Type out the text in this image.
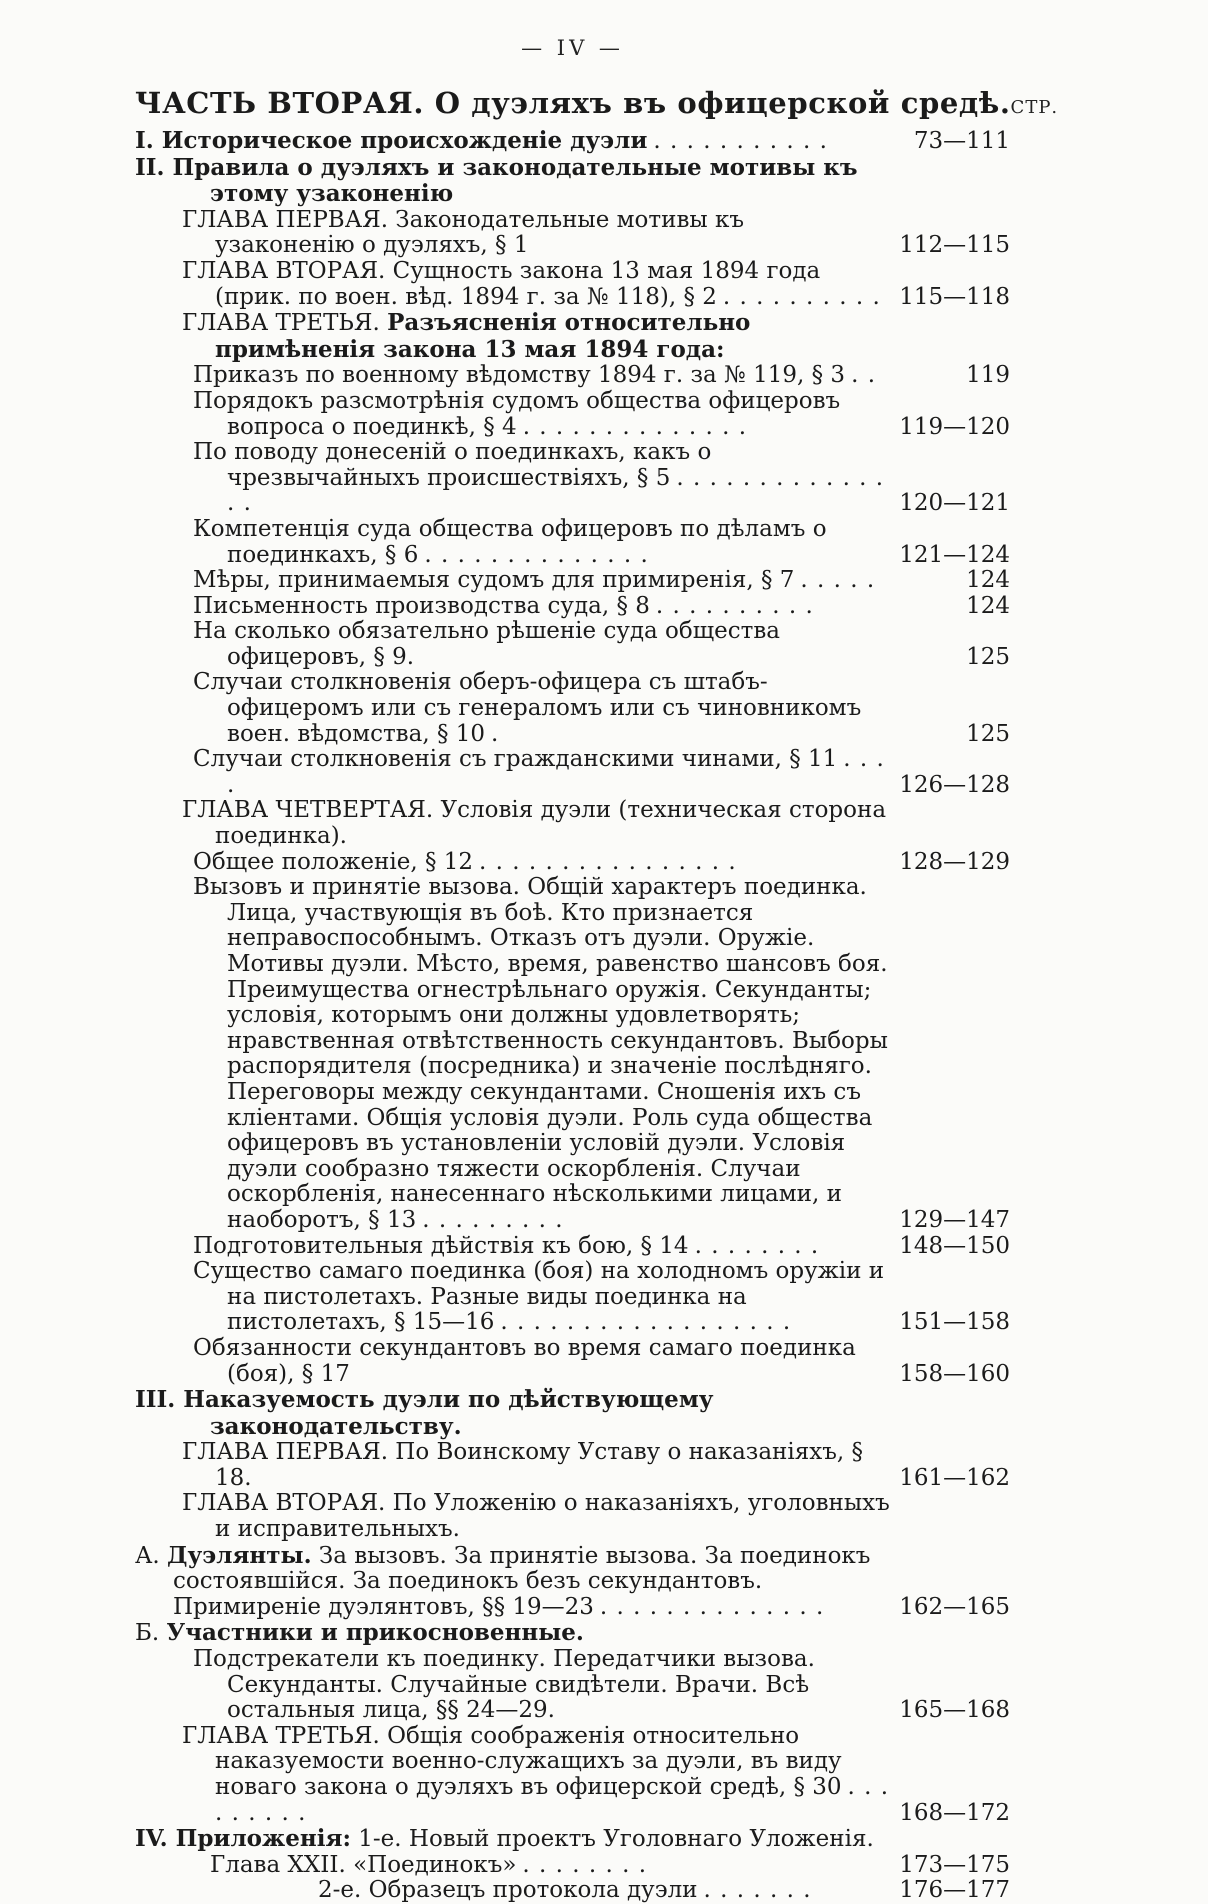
— IV —
ЧАСТЬ ВТОРАЯ. О дуэляхъ въ офицерской средѣ. СТР.
I. Историческое происхожденіе дуэли . . . . . . . . . . .	73—111
II. Правила о дуэляхъ и законодательные мотивы къ этому узаконенію
ГЛАВА ПЕРВАЯ. Законодательные мотивы къ узаконенію о дуэляхъ, § 1	112—115
ГЛАВА ВТОРАЯ. Сущность закона 13 мая 1894 года (прик. по воен. вѣд. 1894 г. за № 118), § 2 . . . . . . . . . . 115—118
ГЛАВА ТРЕТЬЯ. Разъясненія относительно примѣненія закона 13 мая 1894 года:
Приказъ по военному вѣдомству 1894 г. за № 119, § 3 . .	119
Порядокъ разсмотрѣнія судомъ общества офицеровъ вопроса о поединкѣ, § 4 . . . . . . . . . . . . . .	119—120
По поводу донесеній о поединкахъ, какъ о чрезвычайныхъ происшествіяхъ, § 5 . . . . . . . . . . . . . . .	120—121
Компетенція суда общества офицеровъ по дѣламъ о поединкахъ, § 6 . . . . . . . . . . . . . .	121—124
Мѣры, принимаемыя судомъ для примиренія, § 7 . . . . .	124
Письменность производства суда, § 8 . . . . . . . . . .	124
На сколько обязательно рѣшеніе суда общества офицеровъ, § 9.	125
Случаи столкновенія оберъ-офицера съ штабъ-офицеромъ или съ генераломъ или съ чиновникомъ воен. вѣдомства, § 10 .	125
Случаи столкновенія съ гражданскими чинами, § 11 . . . .	126—128
ГЛАВА ЧЕТВЕРТАЯ. Условія дуэли (техническая сторона поединка).
Общее положеніе, § 12 . . . . . . . . . . . . . . . .	128—129
Вызовъ и принятіе вызова. Общій характеръ поединка. Лица, участвующія въ боѣ. Кто признается неправоспособнымъ. Отказъ отъ дуэли. Оружіе. Мотивы дуэли. Мѣсто, время, равенство шансовъ боя. Преимущества огнестрѣльнаго оружія. Секунданты; условія, которымъ они должны удовлетворять; нравственная отвѣтственность секундантовъ. Выборы распорядителя (посредника) и значеніе послѣдняго. Переговоры между секундантами. Сношенія ихъ съ кліентами. Общія условія дуэли. Роль суда общества офицеровъ въ установленіи условій дуэли. Условія дуэли сообразно тяжести оскорбленія. Случаи оскорбленія, нанесеннаго нѣсколькими лицами, и наоборотъ, § 13 . . . . . . . . .	129—147
Подготовительныя дѣйствія къ бою, § 14 . . . . . . . .	148—150
Существо самаго поединка (боя) на холодномъ оружіи и на пистолетахъ. Разные виды поединка на пистолетахъ, § 15—16 . . . . . . . . . . . . . . . . . .	151—158
Обязанности секундантовъ во время самаго поединка (боя), § 17	158—160
III. Наказуемость дуэли по дѣйствующему законодательству.
ГЛАВА ПЕРВАЯ. По Воинскому Уставу о наказаніяхъ, § 18.	161—162
ГЛАВА ВТОРАЯ. По Уложенію о наказаніяхъ, уголовныхъ и исправительныхъ.
А. Дуэлянты. За вызовъ. За принятіе вызова. За поединокъ состоявшійся. За поединокъ безъ секундантовъ. Примиреніе дуэлянтовъ, §§ 19—23 . . . . . . . . . . . . . .	162—165
Б. Участники и прикосновенные.
Подстрекатели къ поединку. Передатчики вызова. Секунданты. Случайные свидѣтели. Врачи. Всѣ остальныя лица, §§ 24—29.	165—168
ГЛАВА ТРЕТЬЯ. Общія соображенія относительно наказуемости военно-служащихъ за дуэли, въ виду новаго закона о дуэляхъ въ офицерской средѣ, § 30 . . . . . . . . .	168—172
IV. Приложенія: 1-е. Новый проектъ Уголовнаго Уложенія. Глава XXII. «Поединокъ» . . . . . . . .	173—175
2-е. Образецъ протокола дуэли . . . . . . .	176—177
